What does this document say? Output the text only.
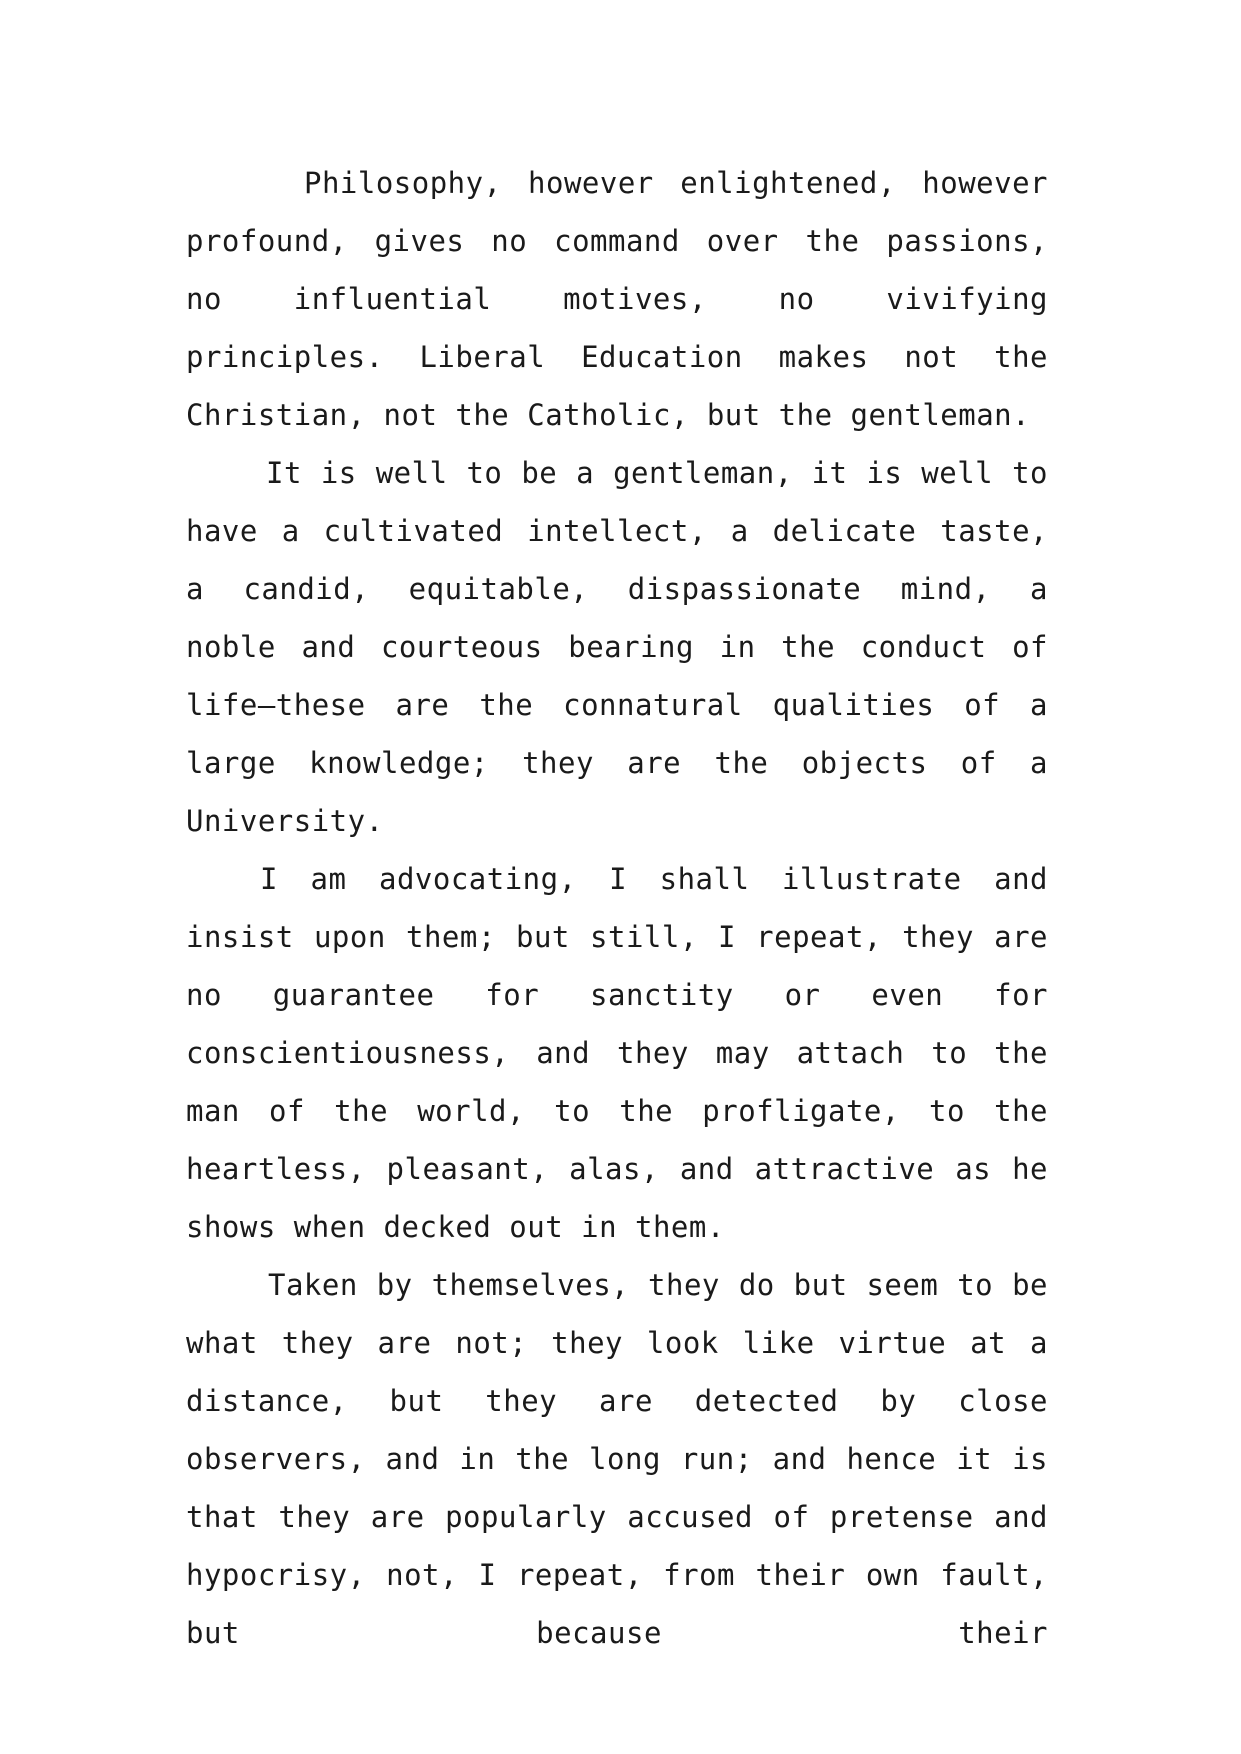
Philosophy, however enlightened, however profound, gives no command over the passions, no influential motives, no vivifying principles. Liberal Education makes not the Christian, not the Catholic, but the gentleman.

It is well to be a gentleman, it is well to have a cultivated intellect, a delicate taste, a candid, equitable, dispassionate mind, a noble and courteous bearing in the conduct of life—these are the connatural qualities of a large knowledge; they are the objects of a University.

I am advocating, I shall illustrate and insist upon them; but still, I repeat, they are no guarantee for sanctity or even for conscientiousness, and they may attach to the man of the world, to the profligate, to the heartless, pleasant, alas, and attractive as he shows when decked out in them.

Taken by themselves, they do but seem to be what they are not; they look like virtue at a distance, but they are detected by close observers, and in the long run; and hence it is that they are popularly accused of pretense and hypocrisy, not, I repeat, from their own fault, but because their
